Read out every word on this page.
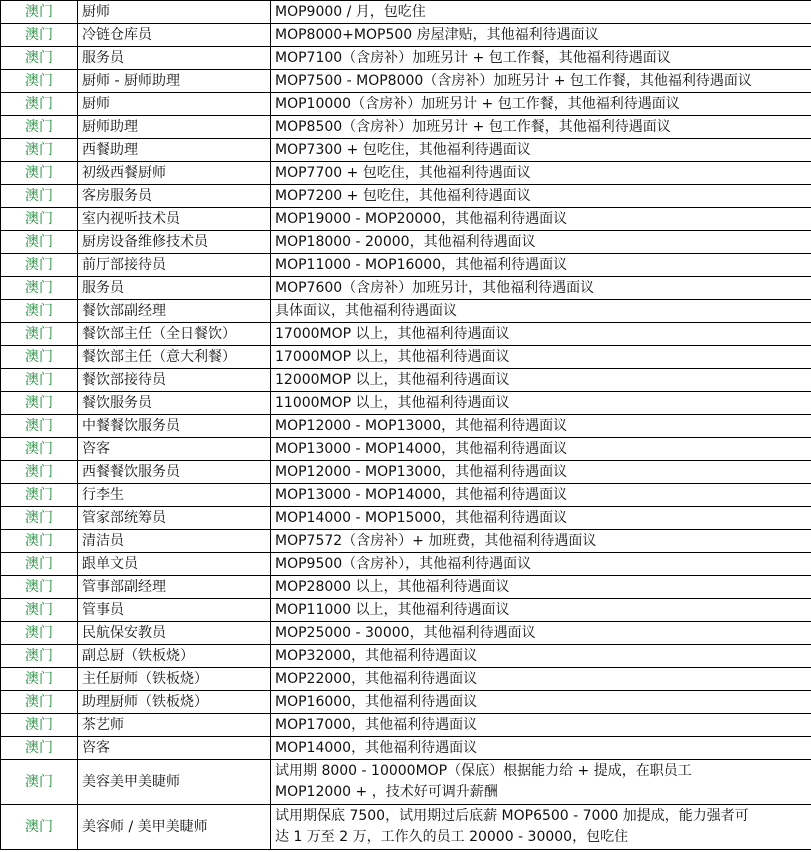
澳门	厨师	MOP9000 / 月，包吃住
澳门	冷链仓库员	MOP8000+MOP500 房屋津贴，其他福利待遇面议
澳门	服务员	MOP7100（含房补）加班另计 + 包工作餐，其他福利待遇面议
澳门	厨师 - 厨师助理	MOP7500 - MOP8000（含房补）加班另计 + 包工作餐，其他福利待遇面议
澳门	厨师	MOP10000（含房补）加班另计 + 包工作餐，其他福利待遇面议
澳门	厨师助理	MOP8500（含房补）加班另计 + 包工作餐，其他福利待遇面议
澳门	西餐助理	MOP7300 + 包吃住，其他福利待遇面议
澳门	初级西餐厨师	MOP7700 + 包吃住，其他福利待遇面议
澳门	客房服务员	MOP7200 + 包吃住，其他福利待遇面议
澳门	室内视听技术员	MOP19000 - MOP20000，其他福利待遇面议
澳门	厨房设备维修技术员	MOP18000 - 20000，其他福利待遇面议
澳门	前厅部接待员	MOP11000 - MOP16000，其他福利待遇面议
澳门	服务员	MOP7600（含房补）加班另计，其他福利待遇面议
澳门	餐饮部副经理	具体面议，其他福利待遇面议
澳门	餐饮部主任（全日餐饮）	17000MOP 以上，其他福利待遇面议
澳门	餐饮部主任（意大利餐）	17000MOP 以上，其他福利待遇面议
澳门	餐饮部接待员	12000MOP 以上，其他福利待遇面议
澳门	餐饮服务员	11000MOP 以上，其他福利待遇面议
澳门	中餐餐饮服务员	MOP12000 - MOP13000，其他福利待遇面议
澳门	咨客	MOP13000 - MOP14000，其他福利待遇面议
澳门	西餐餐饮服务员	MOP12000 - MOP13000，其他福利待遇面议
澳门	行李生	MOP13000 - MOP14000，其他福利待遇面议
澳门	管家部统筹员	MOP14000 - MOP15000，其他福利待遇面议
澳门	清洁员	MOP7572（含房补）+ 加班费，其他福利待遇面议
澳门	跟单文员	MOP9500（含房补），其他福利待遇面议
澳门	管事部副经理	MOP28000 以上，其他福利待遇面议
澳门	管事员	MOP11000 以上，其他福利待遇面议
澳门	民航保安教员	MOP25000 - 30000，其他福利待遇面议
澳门	副总厨（铁板烧）	MOP32000，其他福利待遇面议
澳门	主任厨师（铁板烧）	MOP22000，其他福利待遇面议
澳门	助理厨师（铁板烧）	MOP16000，其他福利待遇面议
澳门	茶艺师	MOP17000，其他福利待遇面议
澳门	咨客	MOP14000，其他福利待遇面议
澳门	美容美甲美睫师	试用期 8000 - 10000MOP（保底）根据能力给 + 提成，在职员工
MOP12000 + ，技术好可调升薪酬

澳门	美容师 / 美甲美睫师	试用期保底 7500，试用期过后底薪 MOP6500 - 7000 加提成，能力强者可
达 1 万至 2 万，工作久的员工 20000 - 30000，包吃住
